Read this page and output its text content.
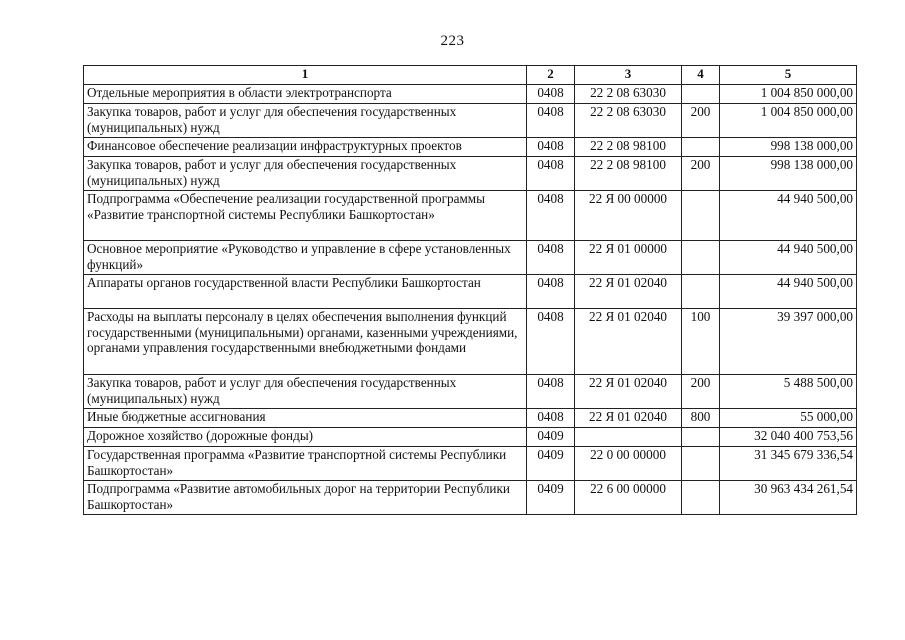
223
1	2	3	4	5
Отдельные мероприятия в области электротранспорта	0408	22 2 08 63030		1 004 850 000,00
Закупка товаров, работ и услуг для обеспечения государственных (муниципальных) нужд	0408	22 2 08 63030	200	1 004 850 000,00
Финансовое обеспечение реализации инфраструктурных проектов	0408	22 2 08 98100		998 138 000,00
Закупка товаров, работ и услуг для обеспечения государственных (муниципальных) нужд	0408	22 2 08 98100	200	998 138 000,00
Подпрограмма «Обеспечение реализации государственной программы «Развитие транспортной системы Республики Башкортостан»	0408	22 Я 00 00000		44 940 500,00
Основное мероприятие «Руководство и управление в сфере установленных функций»	0408	22 Я 01 00000		44 940 500,00
Аппараты органов государственной власти Республики Башкортостан	0408	22 Я 01 02040		44 940 500,00
Расходы на выплаты персоналу в целях обеспечения выполнения функций государственными (муниципальными) органами, казенными учреждениями, органами управления государственными внебюджетными фондами	0408	22 Я 01 02040	100	39 397 000,00
Закупка товаров, работ и услуг для обеспечения государственных (муниципальных) нужд	0408	22 Я 01 02040	200	5 488 500,00
Иные бюджетные ассигнования	0408	22 Я 01 02040	800	55 000,00
Дорожное хозяйство (дорожные фонды)	0409			32 040 400 753,56
Государственная программа «Развитие транспортной системы Республики Башкортостан»	0409	22 0 00 00000		31 345 679 336,54
Подпрограмма «Развитие автомобильных дорог на территории Республики Башкортостан»	0409	22 6 00 00000		30 963 434 261,54
